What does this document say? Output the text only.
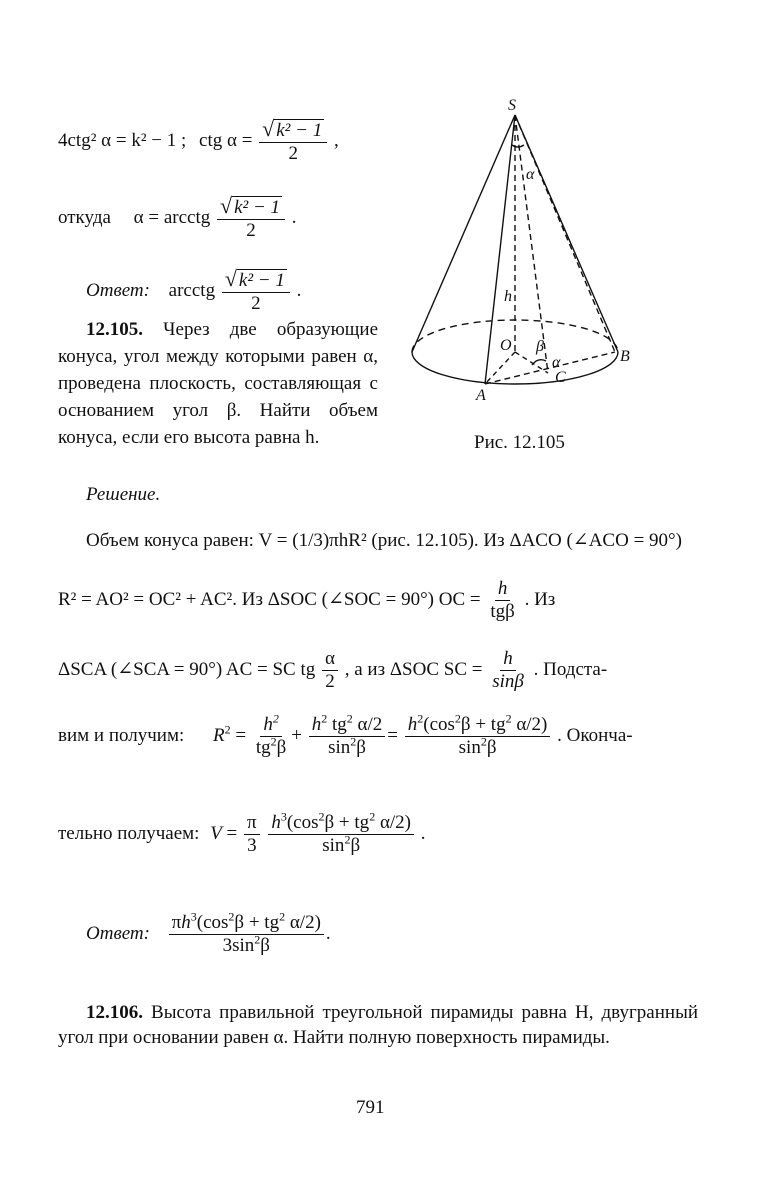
4ctg² α = k² − 1 ; ctg $\alpha = \frac{\text{√ k² − 1}}{2}$ ,
откуда α = arcctg $\frac{\text{√ k² − 1}}{2}$ .
Ответ: arcctg $\frac{\text{√ k² − 1}}{2}$ .
12.105. Через две образующие конуса, угол между которыми равен α, проведена плоскость, составляющая с основанием угол β. Найти объем конуса, если его высота равна h.
Решение.
S
O
A
B
C
h
α
β
α
Рис. 12.105
Объем конуса равен: V = (1/3)πhR² (рис. 12.105). Из ΔACO (∠ACO = 90°)
R² = AO² = OC² + AC². Из ΔSOC (∠SOC = 90°) OC = $\frac{h}{\text{tgβ}}$ . Из
ΔSCA (∠SCA = 90°) AC = SC tg $\frac{\alpha}{2}$ , а из ΔSOC SC = $\frac{h}{\sin\beta}$ . Подста-
вим и получим: $R^2 = \frac{h^2}{tg^2\beta} + \frac{h^2 tg^2 \alpha/2}{\sin^2\beta} = \frac{h^2(\cos^2\beta + tg^2 \alpha/2)}{\sin^2\beta}$ . Оконча-
тельно получаем: $V = \frac{\pi}{3}$
$\frac{h^3(\cos^2\beta + tg^2 \alpha/2)}{\sin^2\beta}$ .
Ответ: $\frac{\pi h^3(\cos^2\beta + tg^2 \alpha/2)}{3\sin^2\beta}$ .
12.106. Высота правильной треугольной пирамиды равна H, двугранный угол при основании равен α. Найти полную поверхность пирамиды.
791
